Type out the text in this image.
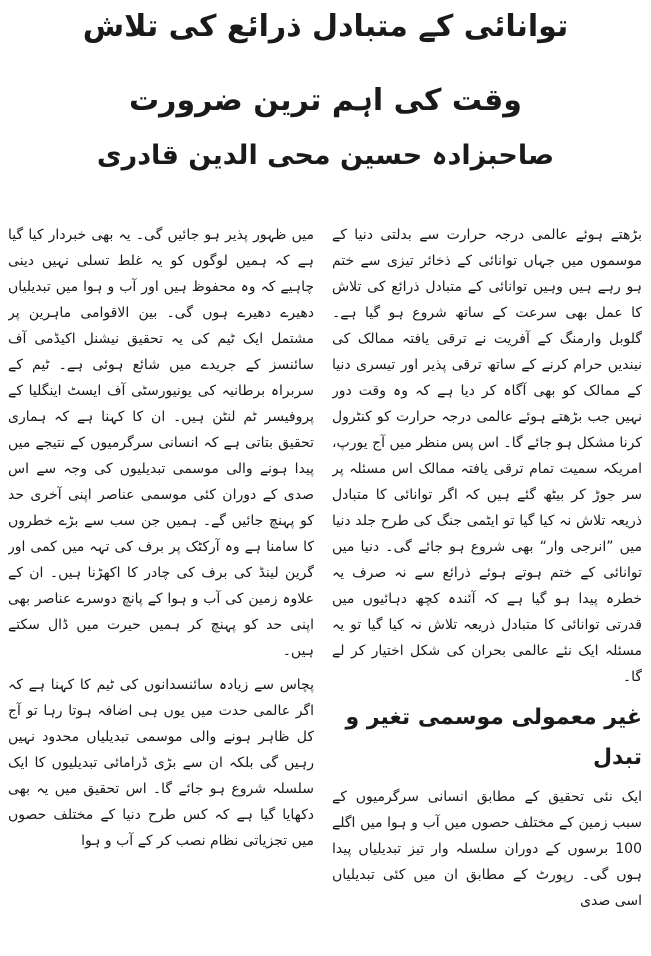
توانائی کے متبادل ذرائع کی تلاش
وقت کی اہم ترین ضرورت
صاحبزادہ حسین محی الدین قادری

بڑھتے ہوئے عالمی درجہ حرارت سے بدلتی دنیا کے موسموں میں جہاں توانائی کے ذخائر تیزی سے ختم ہو رہے ہیں وہیں توانائی کے متبادل ذرائع کی تلاش کا عمل بھی سرعت کے ساتھ شروع ہو گیا ہے۔ گلوبل وارمنگ کے آفریت نے ترقی یافتہ ممالک کی نیندیں حرام کرنے کے ساتھ ترقی پذیر اور تیسری دنیا کے ممالک کو بھی آگاہ کر دیا ہے کہ وہ وقت دور نہیں جب بڑھتے ہوئے عالمی درجہ حرارت کو کنٹرول کرنا مشکل ہو جائے گا۔ اس پس منظر میں آج یورپ، امریکہ سمیت تمام ترقی یافتہ ممالک اس مسئلہ پر سر جوڑ کر بیٹھ گئے ہیں کہ اگر توانائی کا متبادل ذریعہ تلاش نہ کیا گیا تو ایٹمی جنگ کی طرح جلد دنیا میں ”انرجی وار“ بھی شروع ہو جائے گی۔ دنیا میں توانائی کے ختم ہوتے ہوئے ذرائع سے نہ صرف یہ خطرہ پیدا ہو گیا ہے کہ آئندہ کچھ دہائیوں میں قدرتی توانائی کا متبادل ذریعہ تلاش نہ کیا گیا تو یہ مسئلہ ایک نئے عالمی بحران کی شکل اختیار کر لے گا۔

غیر معمولی موسمی تغیر و تبدل

ایک نئی تحقیق کے مطابق انسانی سرگرمیوں کے سبب زمین کے مختلف حصوں میں آب و ہوا میں اگلے 100 برسوں کے دوران سلسلہ وار تیز تبدیلیاں پیدا ہوں گی۔ رپورٹ کے مطابق ان میں کئی تبدیلیاں اسی صدی

میں ظہور پذیر ہو جائیں گی۔ یہ بھی خبردار کیا گیا ہے کہ ہمیں لوگوں کو یہ غلط تسلی نہیں دینی چاہیے کہ وہ محفوظ ہیں اور آب و ہوا میں تبدیلیاں دھیرے دھیرے ہوں گی۔ بین الاقوامی ماہرین پر مشتمل ایک ٹیم کی یہ تحقیق نیشنل اکیڈمی آف سائنسز کے جریدے میں شائع ہوئی ہے۔ ٹیم کے سربراہ برطانیہ کی یونیورسٹی آف ایسٹ اینگلیا کے پروفیسر ٹم لنٹن ہیں۔ ان کا کہنا ہے کہ ہماری تحقیق بتاتی ہے کہ انسانی سرگرمیوں کے نتیجے میں پیدا ہونے والی موسمی تبدیلیوں کی وجہ سے اس صدی کے دوران کئی موسمی عناصر اپنی آخری حد کو پہنچ جائیں گے۔ ہمیں جن سب سے بڑے خطروں کا سامنا ہے وہ آرکٹک پر برف کی تہہ میں کمی اور گرین لینڈ کی برف کی چادر کا اکھڑنا ہیں۔ ان کے علاوہ زمین کی آب و ہوا کے پانچ دوسرے عناصر بھی اپنی حد کو پہنچ کر ہمیں حیرت میں ڈال سکتے ہیں۔

پچاس سے زیادہ سائنسدانوں کی ٹیم کا کہنا ہے کہ اگر عالمی حدت میں یوں ہی اضافہ ہوتا رہا تو آج کل ظاہر ہونے والی موسمی تبدیلیاں محدود نہیں رہیں گی بلکہ ان سے بڑی ڈرامائی تبدیلیوں کا ایک سلسلہ شروع ہو جائے گا۔ اس تحقیق میں یہ بھی دکھایا گیا ہے کہ کس طرح دنیا کے مختلف حصوں میں تجزیاتی نظام نصب کر کے آب و ہوا
